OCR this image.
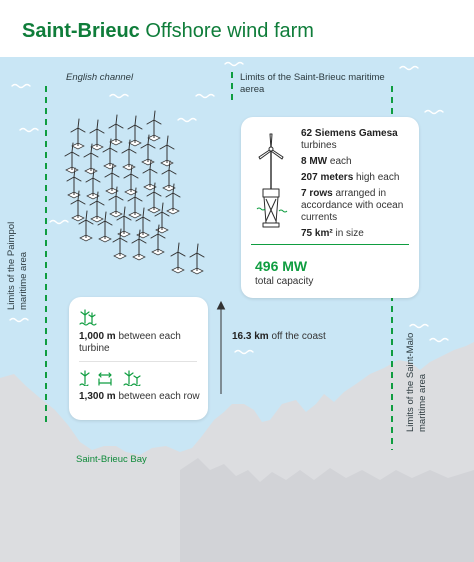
Saint-Brieuc Offshore wind farm
English channel	Limits of the Saint-Brieuc maritime aerea
Limits of the Paimpol maritime area
Limits of the Saint-Malo maritime area
Saint-Brieuc Bay
62 Siemens Gamesa turbines
8 MW each
207 meters high each
7 rows arranged in accordance with ocean currents
75 km² in size
496 MW
total capacity
1,000 m between each turbine
1,300 m between each row
16.3 km off the coast
